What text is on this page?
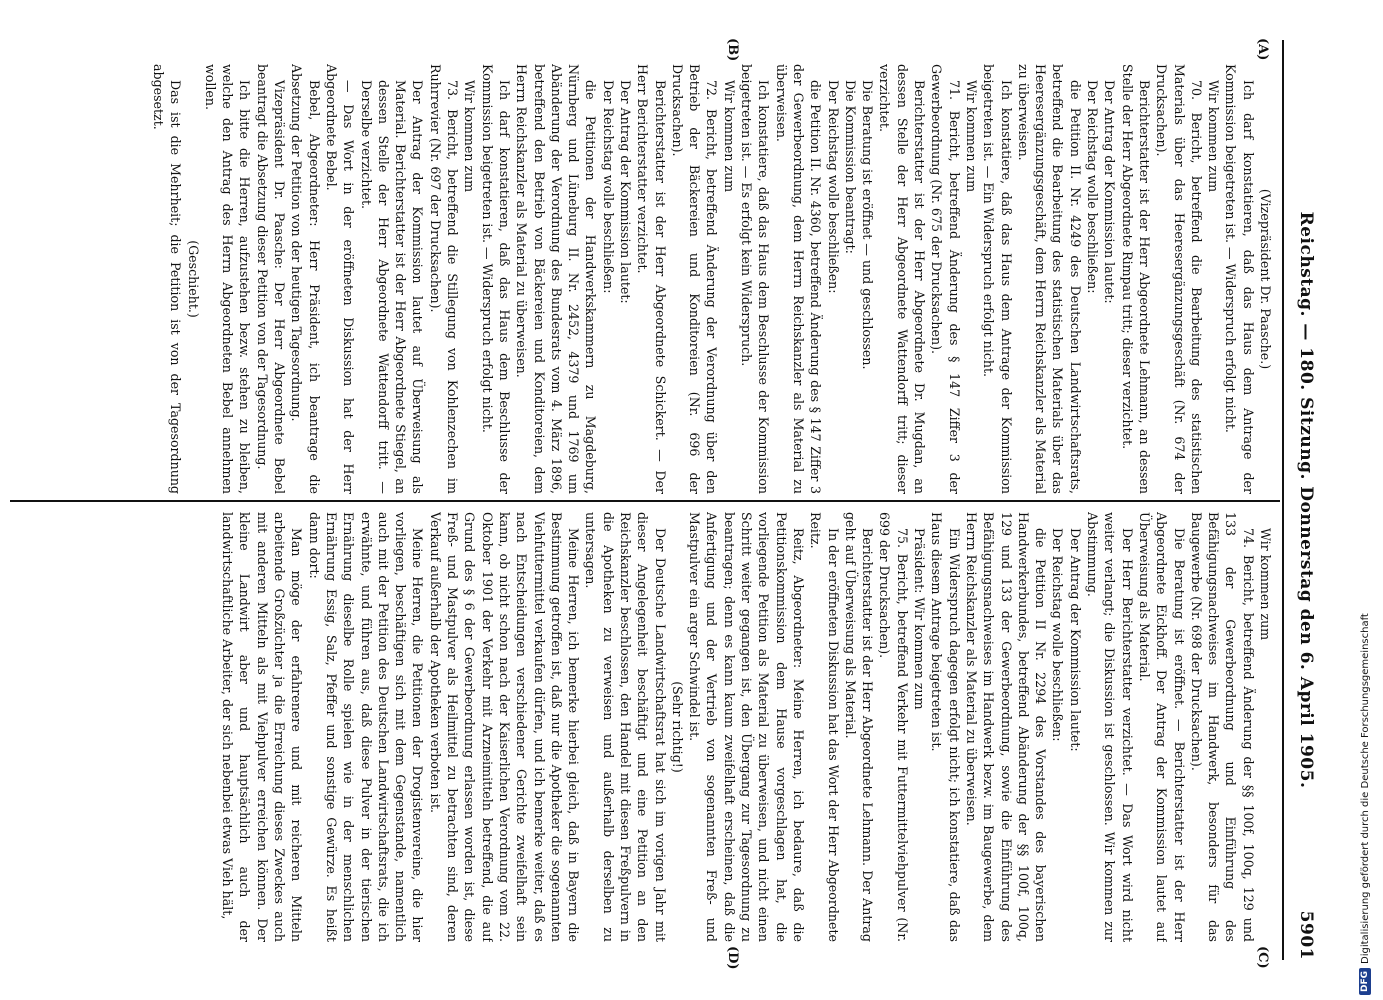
Reichstag. — 180. Sitzung. Donnerstag den 6. April 1905.
5901
(A)
(B)
(C)
(D)

(Vizepräsident Dr. Paasche.)

Ich darf konstatieren, daß das Haus dem Antrage der Kommission beigetreten ist. — Widerspruch erfolgt nicht.

Wir kommen zum

70. Bericht, betreffend die Bearbeitung des statistischen Materials über das Heeresergänzungsgeschäft (Nr. 674 der Drucksachen).

Berichterstatter ist der Herr Abgeordnete Lehmann, an dessen Stelle der Herr Abgeordnete Rimpau tritt; dieser verzichtet.

Der Antrag der Kommission lautet:

Der Reichstag wolle beschließen:

die Petition II. Nr. 4249 des Deutschen Landwirtschaftsrats, betreffend die Bearbeitung des statistischen Materials über das Heeresergänzungsgeschäft, dem Herrn Reichskanzler als Material zu überweisen.

Ich konstatiere, daß das Haus dem Antrage der Kommission beigetreten ist. — Ein Widerspruch erfolgt nicht.

Wir kommen zum

71. Bericht, betreffend Änderung des § 147 Ziffer 3 der Gewerbeordnung (Nr. 675 der Drucksachen).

Berichterstatter ist der Herr Abgeordnete Dr. Mugdan, an dessen Stelle der Herr Abgeordnete Wattendorff tritt; dieser verzichtet.

Die Beratung ist eröffnet — und geschlossen.

Die Kommission beantragt:

Der Reichstag wolle beschließen:

die Petition II. Nr. 4360, betreffend Änderung des § 147 Ziffer 3 der Gewerbeordnung, dem Herrn Reichskanzler als Material zu überweisen.

Ich konstatiere, daß das Haus dem Beschlusse der Kommission beigetreten ist. — Es erfolgt kein Widerspruch.

Wir kommen zum

72. Bericht, betreffend Änderung der Verordnung über den Betrieb der Bäckereien und Konditoreien (Nr. 696 der Drucksachen).

Berichterstatter ist der Herr Abgeordnete Schickert. — Der Herr Berichterstatter verzichtet.

Der Antrag der Kommission lautet:

Der Reichstag wolle beschließen:

die Petitionen der Handwerkskammern zu Magdeburg, Nürnberg und Lüneburg II. Nr. 2452, 4379 und 1769 um Abänderung der Verordnung des Bundesrats vom 4. März 1896, betreffend den Betrieb von Bäckereien und Konditoreien, dem Herrn Reichskanzler als Material zu überweisen.

Ich darf konstatieren, daß das Haus dem Beschlusse der Kommission beigetreten ist. — Widerspruch erfolgt nicht.

Wir kommen zum

73. Bericht, betreffend die Stillegung von Kohlenzechen im Ruhrrevier (Nr. 697 der Drucksachen).

Der Antrag der Kommission lautet auf Überweisung als Material. Berichterstatter ist der Herr Abgeordnete Stiegel, an dessen Stelle der Herr Abgeordnete Wattendorff tritt. — Derselbe verzichtet.

— Das Wort in der eröffneten Diskussion hat der Herr Abgeordnete Bebel.

Bebel, Abgeordneter: Herr Präsident, ich beantrage die Absetzung der Petition von der heutigen Tagesordnung.

Vizepräsident Dr. Paasche: Der Herr Abgeordnete Bebel beantragt die Absetzung dieser Petition von der Tagesordnung.

Ich bitte die Herren, aufzustehen bezw. stehen zu bleiben, welche den Antrag des Herrn Abgeordneten Bebel annehmen wollen.

(Geschieht.)

Das ist die Mehrheit; die Petition ist von der Tagesordnung abgesetzt.

Wir kommen zum

74. Bericht, betreffend Änderung der §§ 100f, 100q, 129 und 133 der Gewerbeordnung und Einführung des Befähigungsnachweises im Handwerk, besonders für das Baugewerbe (Nr. 698 der Drucksachen).

Die Beratung ist eröffnet. — Berichterstatter ist der Herr Abgeordnete Eickhoff. Der Antrag der Kommission lautet auf Überweisung als Material.

Der Herr Berichterstatter verzichtet. — Das Wort wird nicht weiter verlangt; die Diskussion ist geschlossen. Wir kommen zur Abstimmung.

Der Antrag der Kommission lautet:

Der Reichstag wolle beschließen:

die Petition II Nr. 2294 des Vorstandes des bayerischen Handwerkerbundes, betreffend Abänderung der §§ 100f, 100q, 129 und 133 der Gewerbeordnung, sowie die Einführung des Befähigungsnachweises im Handwerk bezw. im Baugewerbe, dem Herrn Reichskanzler als Material zu überweisen.

Ein Widerspruch dagegen erfolgt nicht; ich konstatiere, daß das Haus diesem Antrage beigetreten ist.

Präsident: Wir kommen zum

75. Bericht, betreffend Verkehr mit Futtermittelviehpulver (Nr. 699 der Drucksachen).

Berichterstatter ist der Herr Abgeordnete Lehmann. Der Antrag geht auf Überweisung als Material.

In der eröffneten Diskussion hat das Wort der Herr Abgeordnete Reitz.

Reitz, Abgeordneter: Meine Herren, ich bedaure, daß die Petitionskommission dem Hause vorgeschlagen hat, die vorliegende Petition als Material zu überweisen, und nicht einen Schritt weiter gegangen ist, den Übergang zur Tagesordnung zu beantragen; denn es kann kaum zweifelhaft erscheinen, daß die Anfertigung und der Vertrieb von sogenannten Freß- und Mastpulver ein arger Schwindel ist.

(Sehr richtig!)

Der Deutsche Landwirtschaftsrat hat sich im vorigen Jahr mit dieser Angelegenheit beschäftigt und eine Petition an den Reichskanzler beschlossen, den Handel mit diesen Freßpulvern in die Apotheken zu verweisen und außerhalb derselben zu untersagen.

Meine Herren, ich bemerke hierbei gleich, daß in Bayern die Bestimmung getroffen ist, daß nur die Apotheker die sogenannten Viehfuttermittel verkaufen dürfen, und ich bemerke weiter, daß es nach Entscheidungen verschiedener Gerichte zweifelhaft sein kann, ob nicht schon nach der Kaiserlichen Verordnung vom 22. Oktober 1901 der Verkehr mit Arzneimitteln betreffend, die auf Grund des § 6 der Gewerbeordnung erlassen worden ist, diese Freß- und Mastpulver als Heilmittel zu betrachten sind, deren Verkauf außerhalb der Apotheken verboten ist.

Meine Herren, die Petitionen der Drogistenvereine, die hier vorliegen, beschäftigen sich mit dem Gegenstande, namentlich auch mit der Petition des Deutschen Landwirtschaftsrats, die ich erwähnte, und führen aus, daß diese Pulver in der tierischen Ernährung dieselbe Rolle spielen wie in der menschlichen Ernährung Essig, Salz, Pfeffer und sonstige Gewürze. Es heißt dann dort:

Man möge der erfahrenere und mit reicheren Mitteln arbeitende Großzüchter ja die Erreichung dieses Zweckes auch mit anderen Mitteln als mit Viehpulver erreichen können. Der kleine Landwirt aber und hauptsächlich auch der landwirtschaftliche Arbeiter, der sich nebenbei etwas Vieh hält,

DFG
Digitalisierung gefördert durch die Deutsche Forschungsgemeinschaft
